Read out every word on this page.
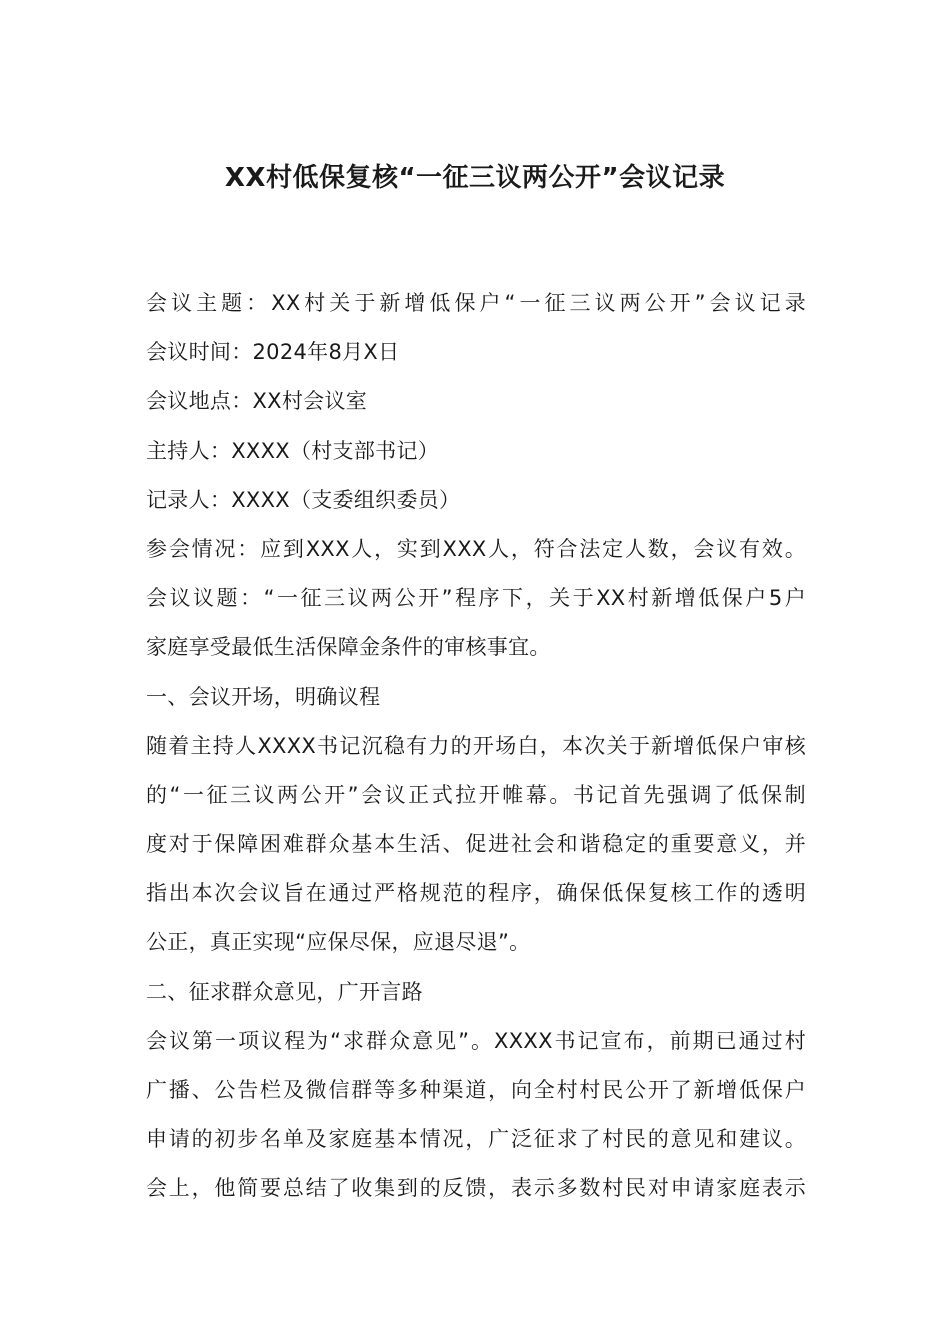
XX村低保复核“一征三议两公开”会议记录
会议主题：XX村关于新增低保户“一征三议两公开”会议记录
会议时间：2024年8月X日
会议地点：XX村会议室
主持人：XXXX（村支部书记）
记录人：XXXX（支委组织委员）
参会情况：应到XXX人，实到XXX人，符合法定人数，会议有效。
会议议题：“一征三议两公开”程序下，关于XX村新增低保户5户
家庭享受最低生活保障金条件的审核事宜。
一、会议开场，明确议程
随着主持人XXXX书记沉稳有力的开场白，本次关于新增低保户审核
的“一征三议两公开”会议正式拉开帷幕。书记首先强调了低保制
度对于保障困难群众基本生活、促进社会和谐稳定的重要意义，并
指出本次会议旨在通过严格规范的程序，确保低保复核工作的透明
公正，真正实现“应保尽保，应退尽退”。
二、征求群众意见，广开言路
会议第一项议程为“求群众意见”。XXXX书记宣布，前期已通过村
广播、公告栏及微信群等多种渠道，向全村村民公开了新增低保户
申请的初步名单及家庭基本情况，广泛征求了村民的意见和建议。
会上，他简要总结了收集到的反馈，表示多数村民对申请家庭表示
